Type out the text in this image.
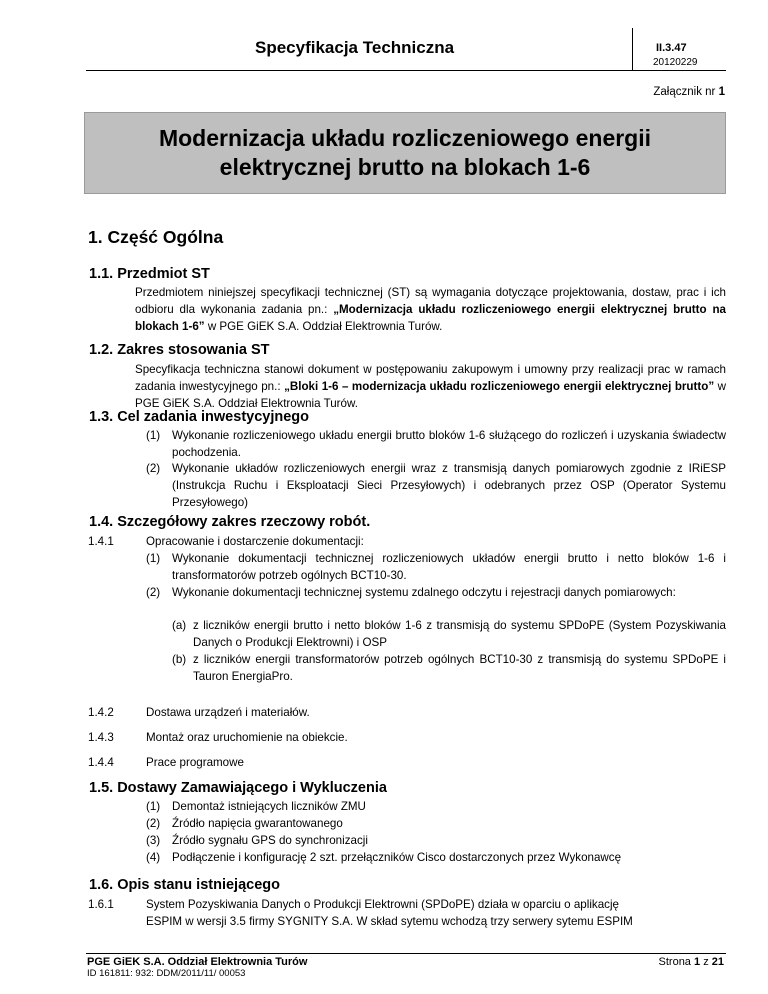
Specyfikacja Techniczna	II.3.47
20120229
Załącznik nr 1
Modernizacja układu rozliczeniowego energii
elektrycznej brutto na blokach 1-6
1. Część Ogólna
1.1. Przedmiot ST
Przedmiotem niniejszej specyfikacji technicznej (ST) są wymagania dotyczące projektowania, dostaw, prac i ich odbioru dla wykonania zadania pn.: „Modernizacja układu rozliczeniowego energii elektrycznej brutto na blokach 1-6” w PGE GiEK S.A. Oddział Elektrownia Turów.
1.2. Zakres stosowania ST
Specyfikacja techniczna stanowi dokument w postępowaniu zakupowym i umowny przy realizacji prac w ramach zadania inwestycyjnego pn.: „Bloki 1-6 – modernizacja układu rozliczeniowego energii elektrycznej brutto” w PGE GiEK S.A. Oddział Elektrownia Turów.
1.3. Cel zadania inwestycyjnego
(1) Wykonanie rozliczeniowego układu energii brutto bloków 1-6 służącego do rozliczeń i uzyskania świadectw pochodzenia.
(2) Wykonanie układów rozliczeniowych energii wraz z transmisją danych pomiarowych zgodnie z IRiESP (Instrukcja Ruchu i Eksploatacji Sieci Przesyłowych) i odebranych przez OSP (Operator Systemu Przesyłowego)
1.4. Szczegółowy zakres rzeczowy robót.
1.4.1	Opracowanie i dostarczenie dokumentacji:
(1) Wykonanie dokumentacji technicznej rozliczeniowych układów energii brutto i netto bloków 1-6 i transformatorów potrzeb ogólnych BCT10-30.
(2) Wykonanie dokumentacji technicznej systemu zdalnego odczytu i rejestracji danych pomiarowych:
(a) z liczników energii brutto i netto bloków 1-6 z transmisją do systemu SPDoPE (System Pozyskiwania Danych o Produkcji Elektrowni) i OSP
(b) z liczników energii transformatorów potrzeb ogólnych BCT10-30 z transmisją do systemu SPDoPE i Tauron EnergiaPro.
1.4.2	Dostawa urządzeń i materiałów.
1.4.3	Montaż oraz uruchomienie na obiekcie.
1.4.4	Prace programowe
1.5. Dostawy Zamawiającego i Wykluczenia
(1) Demontaż istniejących liczników ZMU
(2) Źródło napięcia gwarantowanego
(3) Źródło sygnału GPS do synchronizacji
(4) Podłączenie i konfigurację 2 szt. przełączników Cisco dostarczonych przez Wykonawcę
1.6. Opis stanu istniejącego
1.6.1	System Pozyskiwania Danych o Produkcji Elektrowni (SPDoPE) działa w oparciu o aplikację
ESPIM w wersji 3.5 firmy SYGNITY S.A. W skład sytemu wchodzą trzy serwery sytemu ESPIM
PGE GiEK S.A. Oddział Elektrownia Turów
ID 161811: 932: DDM/2011/11/ 00053
Strona 1 z 21
